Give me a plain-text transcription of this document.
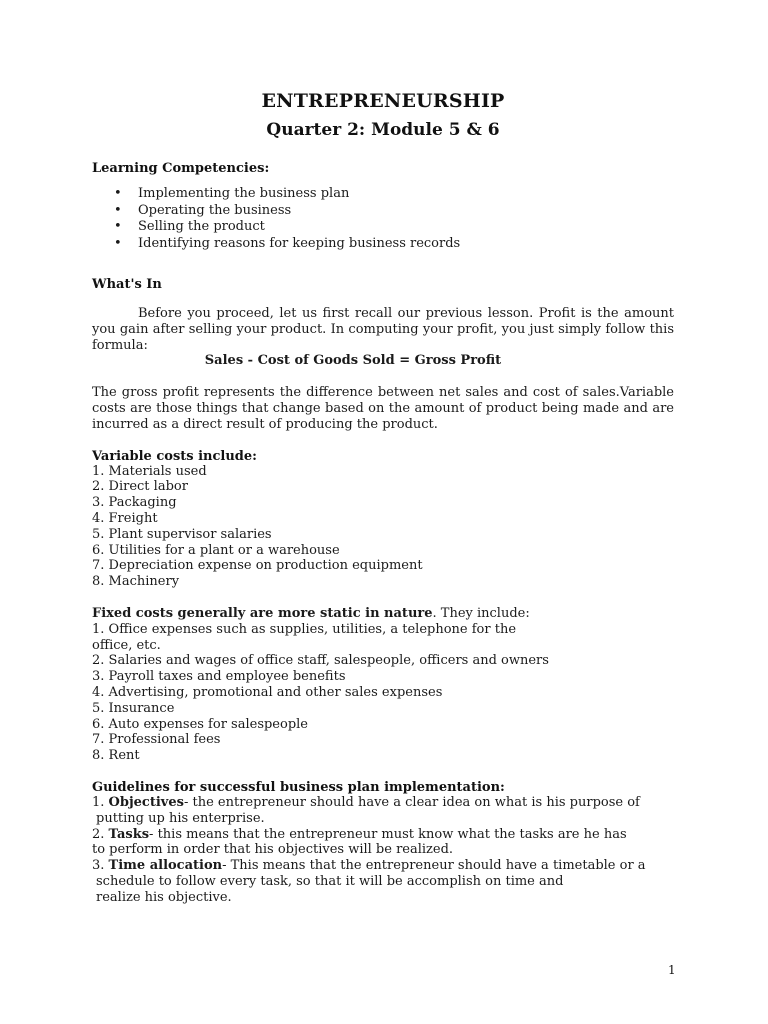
ENTREPRENEURSHIP
Quarter 2: Module 5 & 6

Learning Competencies:

• Implementing the business plan
• Operating the business
• Selling the product
• Identifying reasons for keeping business records

What's In

Before you proceed, let us first recall our previous lesson. Profit is the amount you gain after selling your product. In computing your profit, you just simply follow this formula:

Sales - Cost of Goods Sold = Gross Profit

The gross profit represents the difference between net sales and cost of sales.Variable costs are those things that change based on the amount of product being made and are incurred as a direct result of producing the product.

Variable costs include:

1. Materials used
2. Direct labor
3. Packaging
4. Freight
5. Plant supervisor salaries
6. Utilities for a plant or a warehouse
7. Depreciation expense on production equipment
8. Machinery

Fixed costs generally are more static in nature. They include:

1. Office expenses such as supplies, utilities, a telephone for the
office, etc.
2. Salaries and wages of office staff, salespeople, officers and owners
3. Payroll taxes and employee benefits
4. Advertising, promotional and other sales expenses
5. Insurance
6. Auto expenses for salespeople
7. Professional fees
8. Rent

Guidelines for successful business plan implementation:

1. Objectives- the entrepreneur should have a clear idea on what is his purpose of
putting up his enterprise.
2. Tasks- this means that the entrepreneur must know what the tasks are he has
to perform in order that his objectives will be realized.
3. Time allocation- This means that the entrepreneur should have a timetable or a
schedule to follow every task, so that it will be accomplish on time and
realize his objective.
1
